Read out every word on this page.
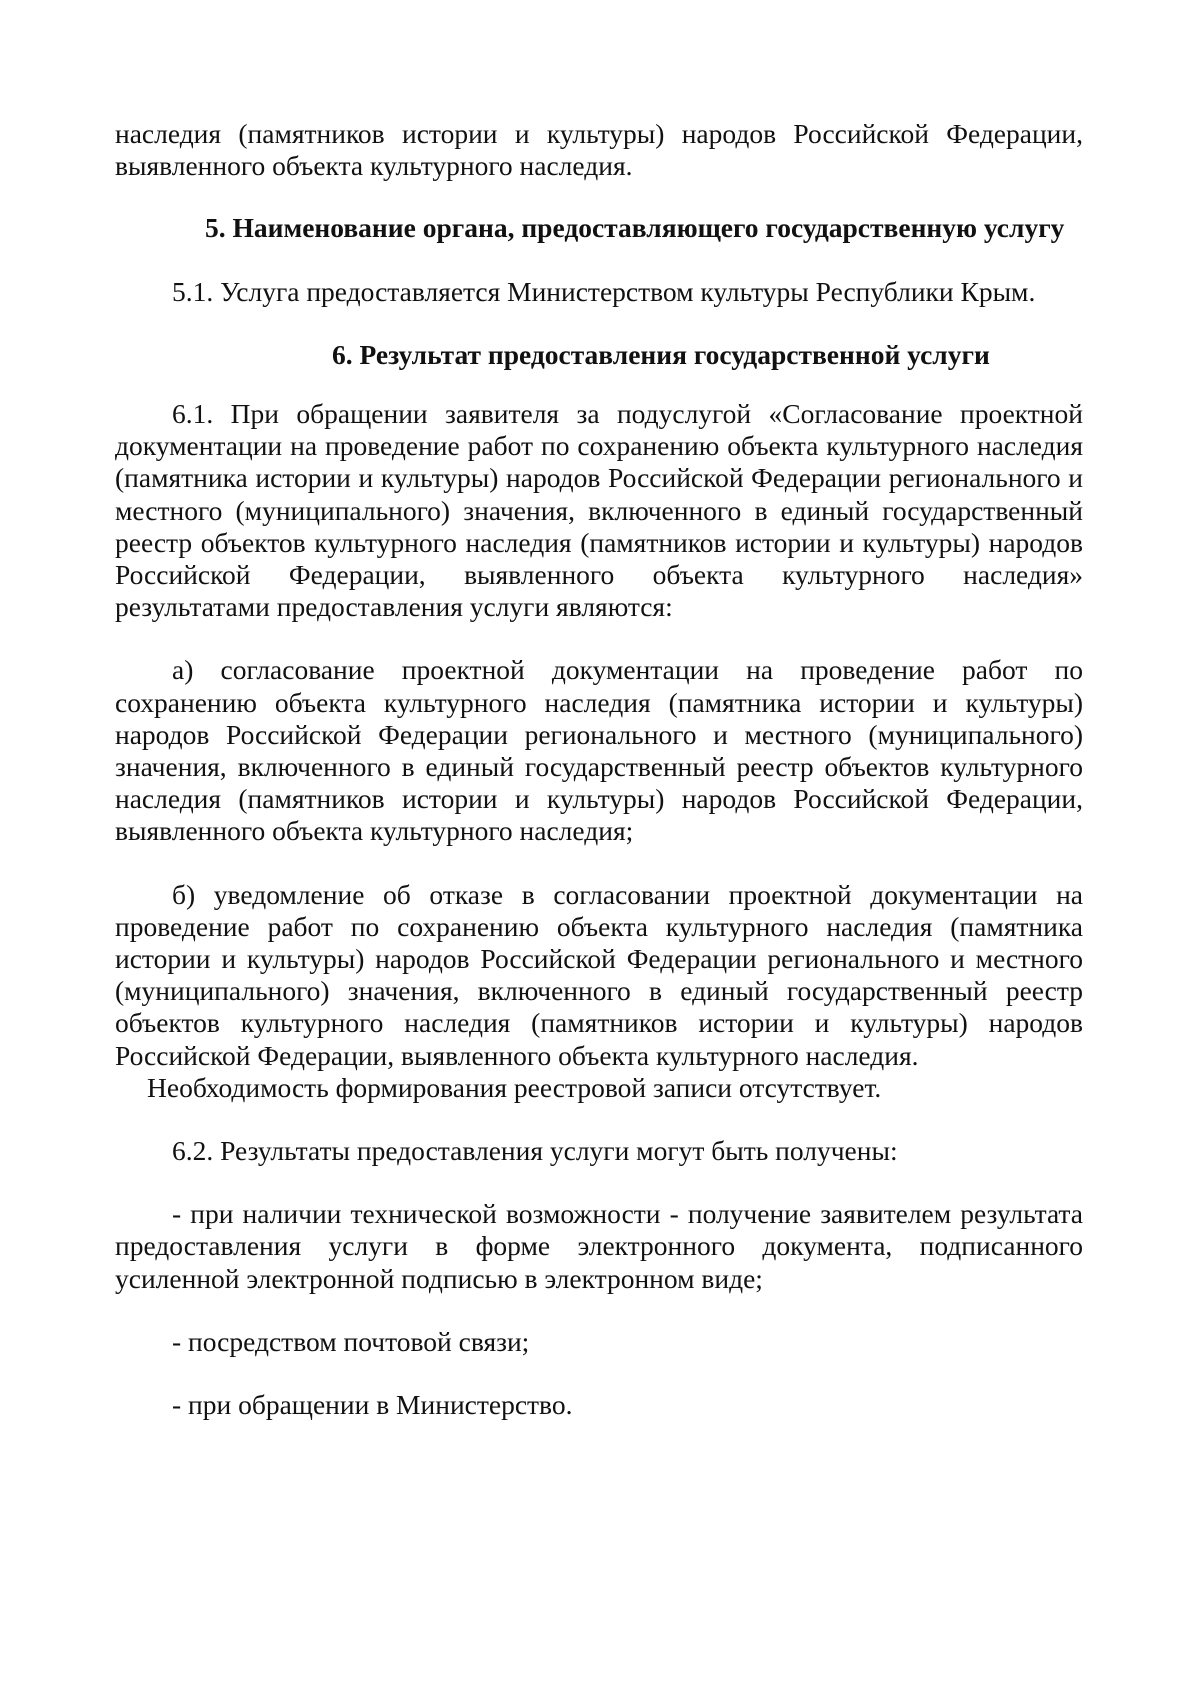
наследия (памятников истории и культуры) народов Российской Федерации, выявленного объекта культурного наследия.

5. Наименование органа, предоставляющего государственную услугу

5.1. Услуга предоставляется Министерством культуры Республики Крым.

6. Результат предоставления государственной услуги

6.1. При обращении заявителя за подуслугой «Согласование проектной документации на проведение работ по сохранению объекта культурного наследия (памятника истории и культуры) народов Российской Федерации регионального и местного (муниципального) значения, включенного в единый государственный реестр объектов культурного наследия (памятников истории и культуры) народов Российской Федерации, выявленного объекта культурного наследия» результатами предоставления услуги являются:

а) согласование проектной документации на проведение работ по сохранению объекта культурного наследия (памятника истории и культуры) народов Российской Федерации регионального и местного (муниципального) значения, включенного в единый государственный реестр объектов культурного наследия (памятников истории и культуры) народов Российской Федерации, выявленного объекта культурного наследия;

б) уведомление об отказе в согласовании проектной документации на проведение работ по сохранению объекта культурного наследия (памятника истории и культуры) народов Российской Федерации регионального и местного (муниципального) значения, включенного в единый государственный реестр объектов культурного наследия (памятников истории и культуры) народов Российской Федерации, выявленного объекта культурного наследия.

Необходимость формирования реестровой записи отсутствует.

6.2. Результаты предоставления услуги могут быть получены:

- при наличии технической возможности - получение заявителем результата предоставления услуги в форме электронного документа, подписанного усиленной электронной подписью в электронном виде;

- посредством почтовой связи;

- при обращении в Министерство.
